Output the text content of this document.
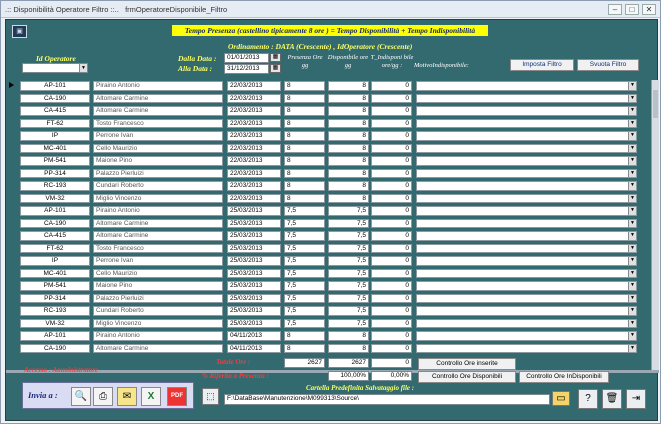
.:: Disponibilità Operatore Filtro ::.. frmOperatoreDisponibile_Filtro	–	□	✕
▣	Tempo Presenza (castellino tipicamente 8 ore ) = Tempo Disponibilità + Tempo Indisponibilità
Ordinamento : DATA (Crescente) , IdOperatore (Crescente)
Id Operatore
▼
Dalla Data :	01/01/2013	▦
Alla Data :	31/12/2013	▦
Presenza Ore gg
Disponibile ore gg
T_Indisponi bile ore/gg :	MotivoIndisponibile:	Imposta Filtro	Svuota Filtro
AP-101	Piraino Antonio	22/03/2013	8	8	0	▼
CA-190	Altomare Carmine	22/03/2013	8	8	0	▼
CA-415	Altomare Carmine	22/03/2013	8	8	0	▼
FT-62	Tosto Francesco	22/03/2013	8	8	0	▼
IP	Perrone Ivan	22/03/2013	8	8	0	▼
MC-401	Cello Maurizio	22/03/2013	8	8	0	▼
PM-541	Maione Pino	22/03/2013	8	8	0	▼
PP-314	Palazzo Pierluizi	22/03/2013	8	8	0	▼
RC-193	Cundari Roberto	22/03/2013	8	8	0	▼
VM-32	Miglio Vincenzo	22/03/2013	8	8	0	▼
AP-101	Piraino Antonio	25/03/2013	7,5	7,5	0	▼
CA-190	Altomare Carmine	25/03/2013	7,5	7,5	0	▼
CA-415	Altomare Carmine	25/03/2013	7,5	7,5	0	▼
FT-62	Tosto Francesco	25/03/2013	7,5	7,5	0	▼
IP	Perrone Ivan	25/03/2013	7,5	7,5	0	▼
MC-401	Cello Maurizio	25/03/2013	7,5	7,5	0	▼
PM-541	Maione Pino	25/03/2013	7,5	7,5	0	▼
PP-314	Palazzo Pierluizi	25/03/2013	7,5	7,5	0	▼
RC-193	Cundari Roberto	25/03/2013	7,5	7,5	0	▼
VM-32	Miglio Vincenzo	25/03/2013	7,5	7,5	0	▼
AP-101	Piraino Antonio	04/11/2013	8	8	0	▼
CA-190	Altomare Carmine	04/11/2013	8	8	0	▼
Accesso : Amministratore
Totale Ore :	2627	2627	0
% Riferito a Presenza :	100,00%	0,00%
Controllo Ore inserite
Controllo Ore Disponibili	Controllo Ore InDisponibili
Invia a :	🔍	⎙	✉	X	PDF	⬚
Cartella Predefinita Salvataggio file :
F:\DataBase\Manutenzione\M099313\Source\	▭	?	🗑	⇥
